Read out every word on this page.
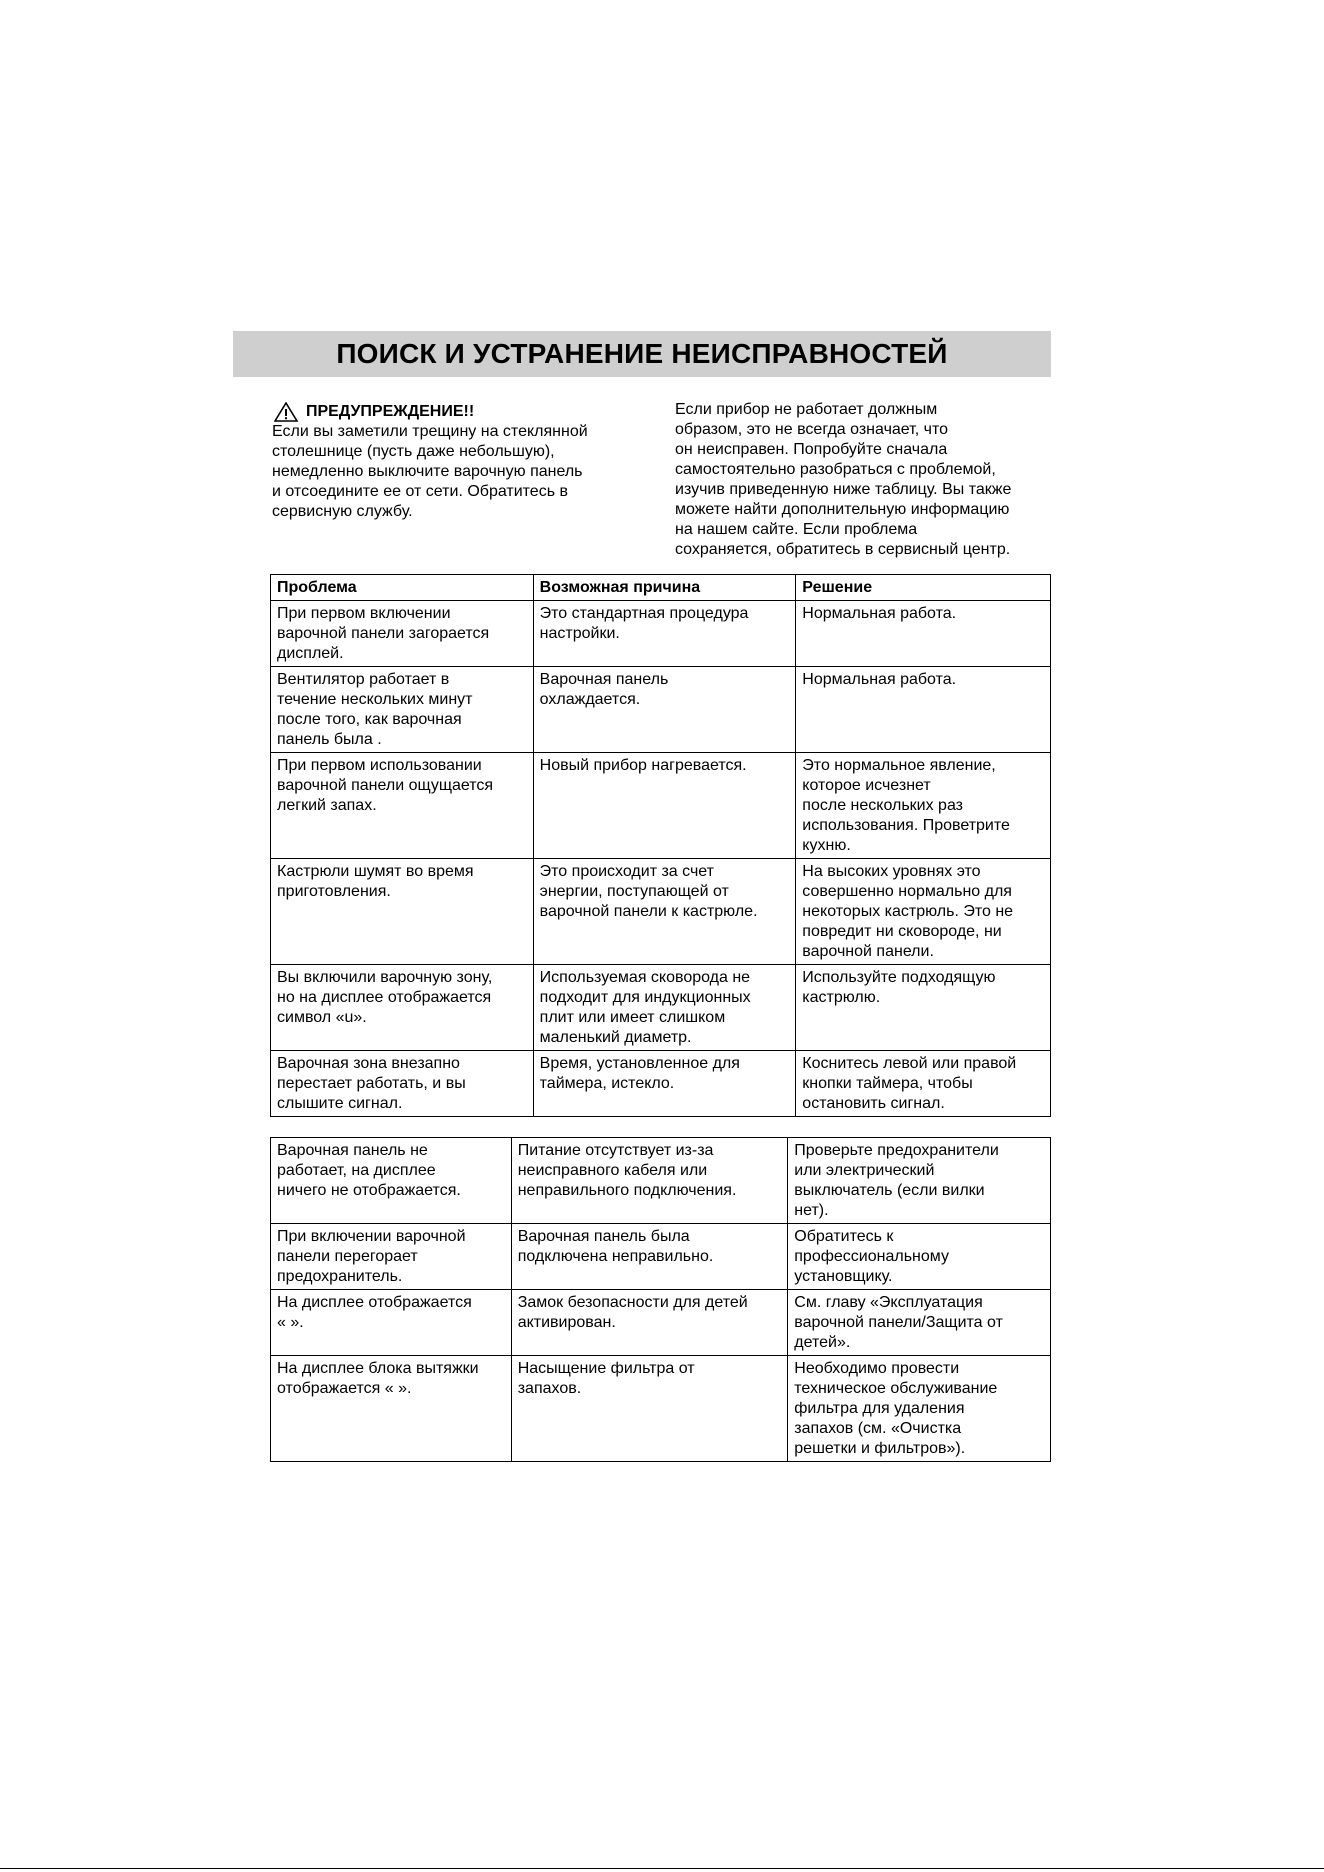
ПОИСК И УСТРАНЕНИЕ НЕИСПРАВНОСТЕЙ
ПРЕДУПРЕЖДЕНИЕ!!
Если вы заметили трещину на стеклянной
столешнице (пусть даже небольшую),
немедленно выключите варочную панель
и отсоедините ее от сети. Обратитесь в
сервисную службу.
Если прибор не работает должным
образом, это не всегда означает, что
он неисправен. Попробуйте сначала
самостоятельно разобраться с проблемой,
изучив приведенную ниже таблицу. Вы также
можете найти дополнительную информацию
на нашем сайте. Если проблема
сохраняется, обратитесь в сервисный центр.
Проблема	Возможная причина	Решение
При первом включении
варочной панели загорается
дисплей.	Это стандартная процедура
настройки.	Нормальная работа.
Вентилятор работает в
течение нескольких минут
после того, как варочная
панель была .	Варочная панель
охлаждается.	Нормальная работа.
При первом использовании
варочной панели ощущается
легкий запах.	Новый прибор нагревается.	Это нормальное явление,
которое исчезнет
после нескольких раз
использования. Проветрите
кухню.
Кастрюли шумят во время
приготовления.	Это происходит за счет
энергии, поступающей от
варочной панели к кастрюле.	На высоких уровнях это
совершенно нормально для
некоторых кастрюль. Это не
повредит ни сковороде, ни
варочной панели.
Вы включили варочную зону,
но на дисплее отображается
символ «u».	Используемая сковорода не
подходит для индукционных
плит или имеет слишком
маленький диаметр.	Используйте подходящую
кастрюлю.
Варочная зона внезапно
перестает работать, и вы
слышите сигнал.	Время, установленное для
таймера, истекло.	Коснитесь левой или правой
кнопки таймера, чтобы
остановить сигнал.
Варочная панель не
работает, на дисплее
ничего не отображается.	Питание отсутствует из-за
неисправного кабеля или
неправильного подключения.	Проверьте предохранители
или электрический
выключатель (если вилки
нет).
При включении варочной
панели перегорает
предохранитель.	Варочная панель была
подключена неправильно.	Обратитесь к
профессиональному
установщику.
На дисплее отображается
« ».	Замок безопасности для детей
активирован.	См. главу «Эксплуатация
варочной панели/Защита от
детей».
На дисплее блока вытяжки
отображается « ».	Насыщение фильтра от
запахов.	Необходимо провести
техническое обслуживание
фильтра для удаления
запахов (см. «Очистка
решетки и фильтров»).
